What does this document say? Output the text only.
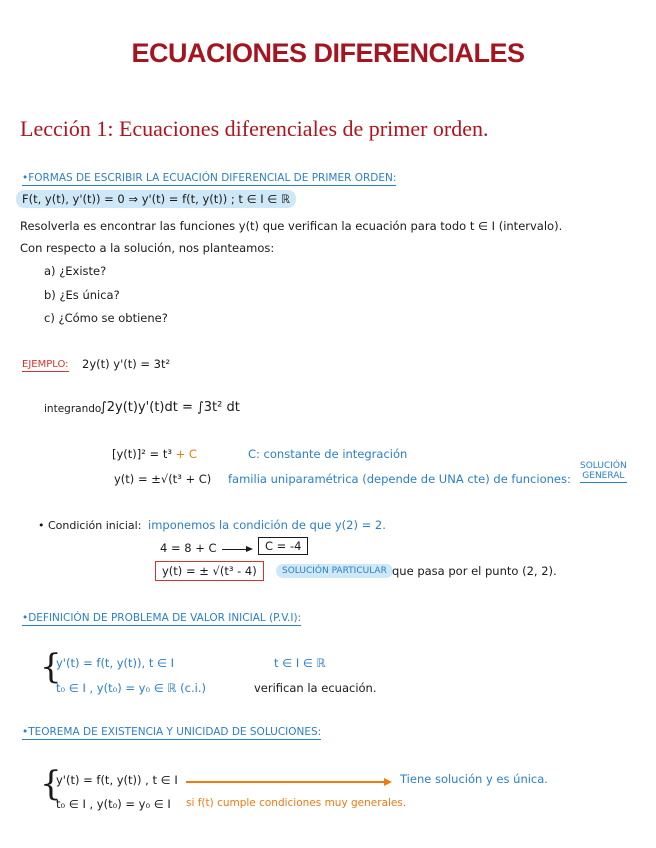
ECUACIONES DIFERENCIALES
Lección 1: Ecuaciones diferenciales de primer orden.
•FORMAS DE ESCRIBIR LA ECUACIÓN DIFERENCIAL DE PRIMER ORDEN:
F(t, y(t), y'(t)) = 0 ⇒ y'(t) = f(t, y(t)) ; t ∈ I ∈ ℝ
Resolverla es encontrar las funciones y(t) que verifican la ecuación para todo t ∈ I (intervalo).
Con respecto a la solución, nos planteamos:
a) ¿Existe?
b) ¿Es única?
c) ¿Cómo se obtiene?
EJEMPLO: 2y(t) y'(t) = 3t²
integrando
∫2y(t)y'(t)dt = ∫3t² dt
[y(t)]² = t³ + C	C: constante de integración
y(t) = ±√(t³ + C) familia uniparamétrica (depende de UNA cte) de funciones:
SOLUCIÓN
GENERAL
• Condición inicial: imponemos la condición de que y(2) = 2.
4 = 8 + C	C = -4
y(t) = ± √(t³ - 4)	SOLUCIÓN PARTICULAR que pasa por el punto (2, 2).
•DEFINICIÓN DE PROBLEMA DE VALOR INICIAL (P.V.I):
{
y'(t) = f(t, y(t)), t ∈ I	t ∈ I ∈ ℝ
t₀ ∈ I , y(t₀) = y₀ ∈ ℝ (c.i.)	verifican la ecuación.
•TEOREMA DE EXISTENCIA Y UNICIDAD DE SOLUCIONES:
{
y'(t) = f(t, y(t)) , t ∈ I	Tiene solución y es única.
t₀ ∈ I , y(t₀) = y₀ ∈ I si f(t) cumple condiciones muy generales.
